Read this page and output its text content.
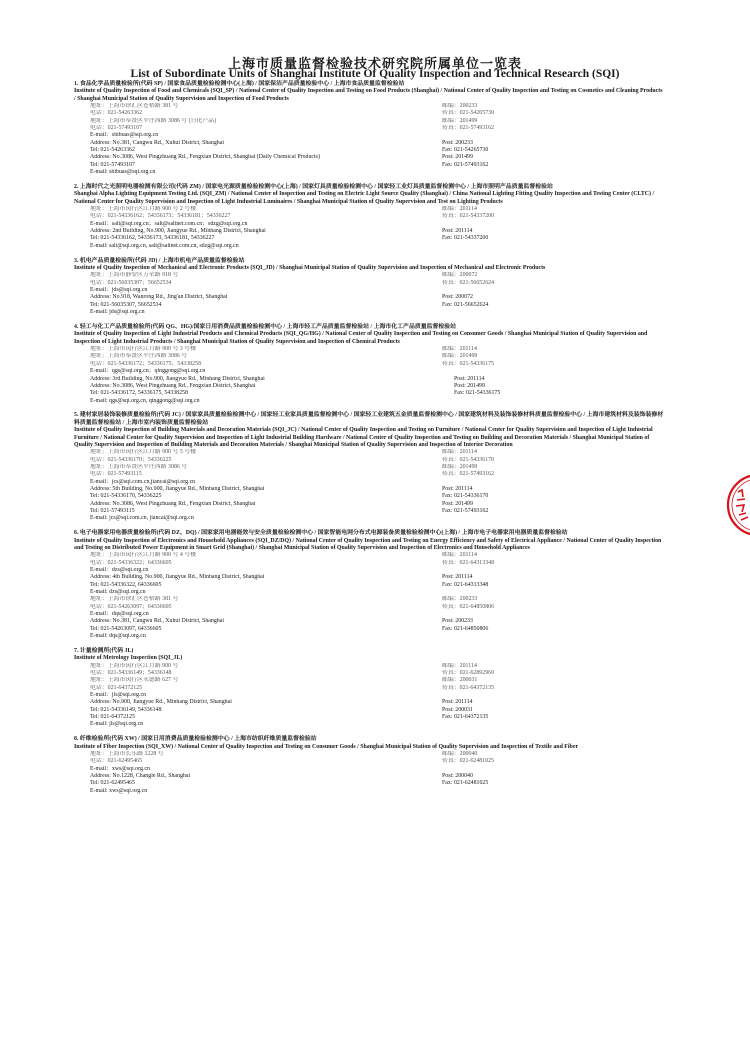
上海市质量监督检验技术研究院所属单位一览表
List of Subordinate Units of Shanghai Institute Of Quality Inspection and Technical Research (SQI)
1. 食品化学品质量检验所(代码 SP) / 国家食品质量检验检测中心(上海) / 国家保洁产品质量检验中心 / 上海市食品质量监督检验站
Institute of Quality Inspection of Food and Chemicals (SQI_SP) / National Center of Quality Inspection and Testing on Food Products (Shanghai) / National Center of Quality Inspection and Testing on Cosmetics and Cleaning Products / Shanghai Municipal Station of Quality Supervision and Inspection of Food Products
地址：上海市徐汇区苍梧路 381 号	邮编：200233
电话：021-54263362	传真：021-54265730
地址：上海市奉贤区平庄西路 3086 号 (日化产品)	邮编：201499
电话：021-57493107	传真：021-57493162
E-mail：shibuas@sqi.org.cn
Address: No.381, Cangwu Rd., Xuhui District, Shanghai	Post: 200233
Tel: 021-54263362	Fax: 021-54265730
Address: No.3086, West Pingzhuang Rd., Fengxian District, Shanghai (Daily Chemical Products)	Post: 201499
Tel: 021-57493107	Fax: 021-57493162
E-mail: shibuas@sqi.org.cn
2. 上海时代之光照明电器检测有限公司(代码 ZM) / 国家电光源质量检验检测中心(上海) / 国家灯具质量检验检测中心 / 国家轻工业灯具质量监督检测中心 / 上海市照明产品质量监督检验站
Shanghai Alpha Lighting Equipment Testing Ltd. (SQI_ZM) / National Center of Inspection and Testing on Electric Light Source Quality (Shanghai) / China National Lighting Fitting Quality Inspection and Testing Center (CLTC) / National Center for Quality Supervision and Inspection of Light Industrial Luminaires / Shanghai Municipal Station of Quality Supervision and Test on Lighting Products
地址：上海市闵行区江月路 900 号 2 号楼	邮编：201114
电话：021-54336162；54336173；54336181；54336227	传真：021-54337200
E-mail：salt@sqi.org.cn；salt@saltnet.com.cn；sdzg@sqi.org.cn
Address: 2nd Building, No.900, Jiangyue Rd., Minhang District, Shanghai	Post: 201114
Tel: 021-54336162, 54336173, 54336181, 54336227	Fax: 021-54337200
E-mail: salt@sqi.org.cn, salt@saltnet.com.cn, sdzg@sqi.org.cn
3. 机电产品质量检验所(代码 JD) / 上海市机电产品质量监督检验站
Institute of Quality Inspection of Mechanical and Electronic Products (SQI_JD) / Shanghai Municipal Station of Quality Supervision and Inspection of Mechanical and Electronic Products
地址：上海市静安区万荣路 918 号	邮编：200072
电话：021-56035307；56652534	传真：021-56652624
E-mail：jds@sqi.org.cn
Address: No.918, Wanrong Rd., Jing'an District, Shanghai	Post: 200072
Tel: 021-56035307, 56652534	Fax: 021-56652624
E-mail: jds@sqi.org.cn
4. 轻工与化工产品质量检验所(代码 QG、HG)/国家日用消费品质量检验检测中心 / 上海市轻工产品质量监督检验站 / 上海市化工产品质量监督检验站
Institute of Quality Inspection of Light Industrial Products and Chemical Products (SQI_QG/HG) / National Center of Quality Inspection and Testing on Consumer Goods / Shanghai Municipal Station of Quality Supervision and Inspection of Light Industrial Products / Shanghai Municipal Station of Quality Supervision and Inspection of Chemical Products
地址：上海市闵行区江月路 900 号 3 号楼	邮编：201114
地址：上海市奉贤区平庄西路 3086 号	邮编：201499
电话：021-54336172；54336175；54338258	传真：021-54336175
E-mail：qgs@sqi.org.cn；qinggong@sqi.org.cn
Address: 3rd Building, No.900, Jiangyue Rd., Minhang District, Shanghai	Post: 201114
Address: No.3086, West Pingzhuang Rd., Fengxian District, Shanghai	Post: 201499
Tel: 021-54336172, 54336175, 54338258	Fax: 021-54336175
E-mail: qgs@sqi.org.cn, qinggong@sqi.org.cn
5. 建材家居装饰装修质量检验所(代码 JC) / 国家家具质量检验检测中心 / 国家轻工业家具质量监督检测中心 / 国家轻工业建筑五金质量监督检测中心 / 国家建筑材料及装饰装修材料质量监督检验中心 / 上海市建筑材料及装饰装修材料质量监督检验站 / 上海市室内装饰质量监督检验站
Institute of Quality Inspection of Building Materials and Decoration Materials (SQI_JC) / National Center of Quality Inspection and Testing on Furniture / National Center for Quality Supervision and Inspection of Light Industrial Furniture / National Center for Quality Supervision and Inspection of Light Industrial Building Hardware / National Center of Quality Inspection and Testing on Building and Decoration Materials / Shanghai Municipal Station of Quality Supervision and Inspection of Building Materials and Decoration Materials / Shanghai Municipal Station of Quality Supervision and Inspection of Interior Decoration
地址：上海市闵行区江月路 900 号 5 号楼	邮编：201114
电话：021-54336170；54336225	传真：021-54336170
地址：上海市奉贤区平庄西路 3086 号	邮编：201499
电话：021-57493115	传真：021-57493162
E-mail：jcs@sqi.com.cn,jiancai@sqi.org.cn
Address: 5th Building, No.900, Jiangyue Rd., Minhang District, Shanghai	Post: 201114
Tel: 021-54336170, 54336225	Fax: 021-54336170
Address: No.3086, West Pingzhuang Rd., Fengxian District, Shanghai	Post: 201499
Tel: 021-57493115	Fax: 021-57493162
E-mail: jcs@sqi.com.cn, jiancai@sqi.org.cn
6. 电子电器家用电器质量检验所(代码 DZ、DQ) / 国家家用电器能效与安全质量检验检测中心 / 国家智能电网分布式电源装备质量检验检测中心(上海) / 上海市电子电器家用电器质量监督检验站
Institute of Quality Inspection of Electronics and Household Appliances (SQI_DZ/DQ) / National Center of Quality Inspection and Testing on Energy Efficiency and Safety of Electrical Appliance / National Center of Quality Inspection and Testing on Distributed Power Equipment in Smart Grid (Shanghai) / Shanghai Municipal Station of Quality Supervision and Inspection of Electronics and Household Appliances
地址：上海市闵行区江月路 900 号 4 号楼	邮编：201114
电话：021-54336322；64336605	传真：021-64313348
E-mail：dzs@sqi.org.cn
Address: 4th Building, No.900, Jiangyue Rd., Minhang District, Shanghai	Post: 201114
Tel: 021-54336322, 64336605	Fax: 021-64313348
E-mail: dzs@sqi.org.cn
地址：上海市徐汇区苍梧路 381 号	邮编：200233
电话：021-54263097；64336605	传真：021-64850806
E-mail：dqs@sqi.org.cn
Address: No.381, Cangwu Rd., Xuhui District, Shanghai	Post: 200233
Tel: 021-54263097, 64336605	Fax: 021-64850806
E-mail: dqs@sqi.org.cn
7. 计量检测所(代码 JL)
Institute of Metrology Inspection (SQI_JL)
地址：上海市闵行区江月路 900 号	邮编：201114
电话：021-54336149；54336148	传真：021-62892960
地址：上海市闵行区永德路 627 号	邮编：200031
电话：021-64372125	传真：021-64372135
E-mail：jls@sqi.org.cn
Address: No.900, Jiangyue Rd., Minhang District, Shanghai	Post: 201114
Tel: 021-54336149, 54336148	Post: 200031
Tel: 021-64372125	Fax: 021-64372135
E-mail: jls@sqi.org.cn
8. 纤维检验所(代码 XW) / 国家日用消费品质量检验检测中心 / 上海市纺织纤维质量监督检验站
Institute of Fiber Inspection (SQI_XW) / National Center of Quality Inspection and Testing on Consumer Goods / Shanghai Municipal Station of Quality Supervision and Inspection of Textile and Fiber
地址：上海市长乐路 1228 号	邮编：200040
电话：021-62495465	传真：021-62481025
E-mail：xws@sqi.org.cn
Address: No.1228, Changle Rd., Shanghai	Post: 200040
Tel: 021-62495465	Fax: 021-62481025
E-mail: xws@sqi.org.cn
